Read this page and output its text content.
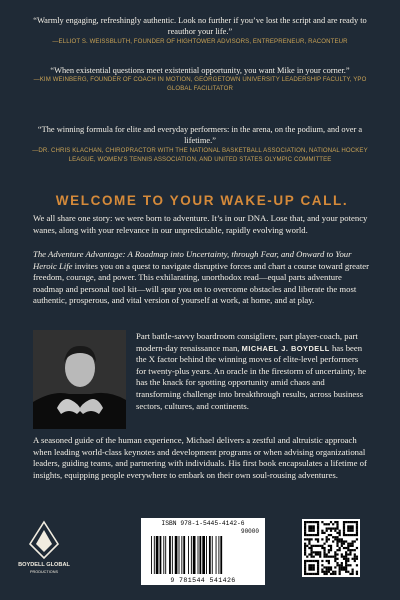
“Warmly engaging, refreshingly authentic. Look no further if you’ve lost the script and are ready to reauthor your life.”
—ELLIOT S. WEISSBLUTH, FOUNDER OF HIGHTOWER ADVISORS, ENTREPRENEUR, RACONTEUR
“When existential questions meet existential opportunity, you want Mike in your corner.”
—KIM WEINBERG, FOUNDER OF COACH IN MOTION, GEORGETOWN UNIVERSITY LEADERSHIP FACULTY, YPO GLOBAL FACILITATOR
“The winning formula for elite and everyday performers: in the arena, on the podium, and over a lifetime.”
—DR. CHRIS KLACHAN, CHIROPRACTOR WITH THE NATIONAL BASKETBALL ASSOCIATION, NATIONAL HOCKEY LEAGUE, WOMEN’S TENNIS ASSOCIATION, AND UNITED STATES OLYMPIC COMMITTEE
WELCOME TO YOUR WAKE-UP CALL.
We all share one story: we were born to adventure. It’s in our DNA. Lose that, and your potency wanes, along with your relevance in our unpredictable, rapidly evolving world.
The Adventure Advantage: A Roadmap into Uncertainty, through Fear, and Onward to Your Heroic Life invites you on a quest to navigate disruptive forces and chart a course toward greater freedom, courage, and power. This exhilarating, unorthodox read—equal parts adventure roadmap and personal tool kit—will spur you on to overcome obstacles and liberate the most authentic, prosperous, and vital version of yourself at work, at home, and at play.
Part battle-savvy boardroom consigliere, part player-coach, part modern-day renaissance man, MICHAEL J. BOYDELL has been the X factor behind the winning moves of elite-level performers for twenty-plus years. An oracle in the firestorm of uncertainty, he has the knack for spotting opportunity amid chaos and transforming challenge into breakthrough results, across business sectors, cultures, and continents.
A seasoned guide of the human experience, Michael delivers a zestful and altruistic approach when leading world-class keynotes and development programs or when advising organizational leaders, guiding teams, and partnering with individuals. His first book encapsulates a lifetime of insights, equipping people everywhere to embark on their own soul-rousing adventures.
BOYDELL GLOBAL
PRODUCTIONS
ISBN 978-1-5445-4142-6
90000
9 781544 541426
